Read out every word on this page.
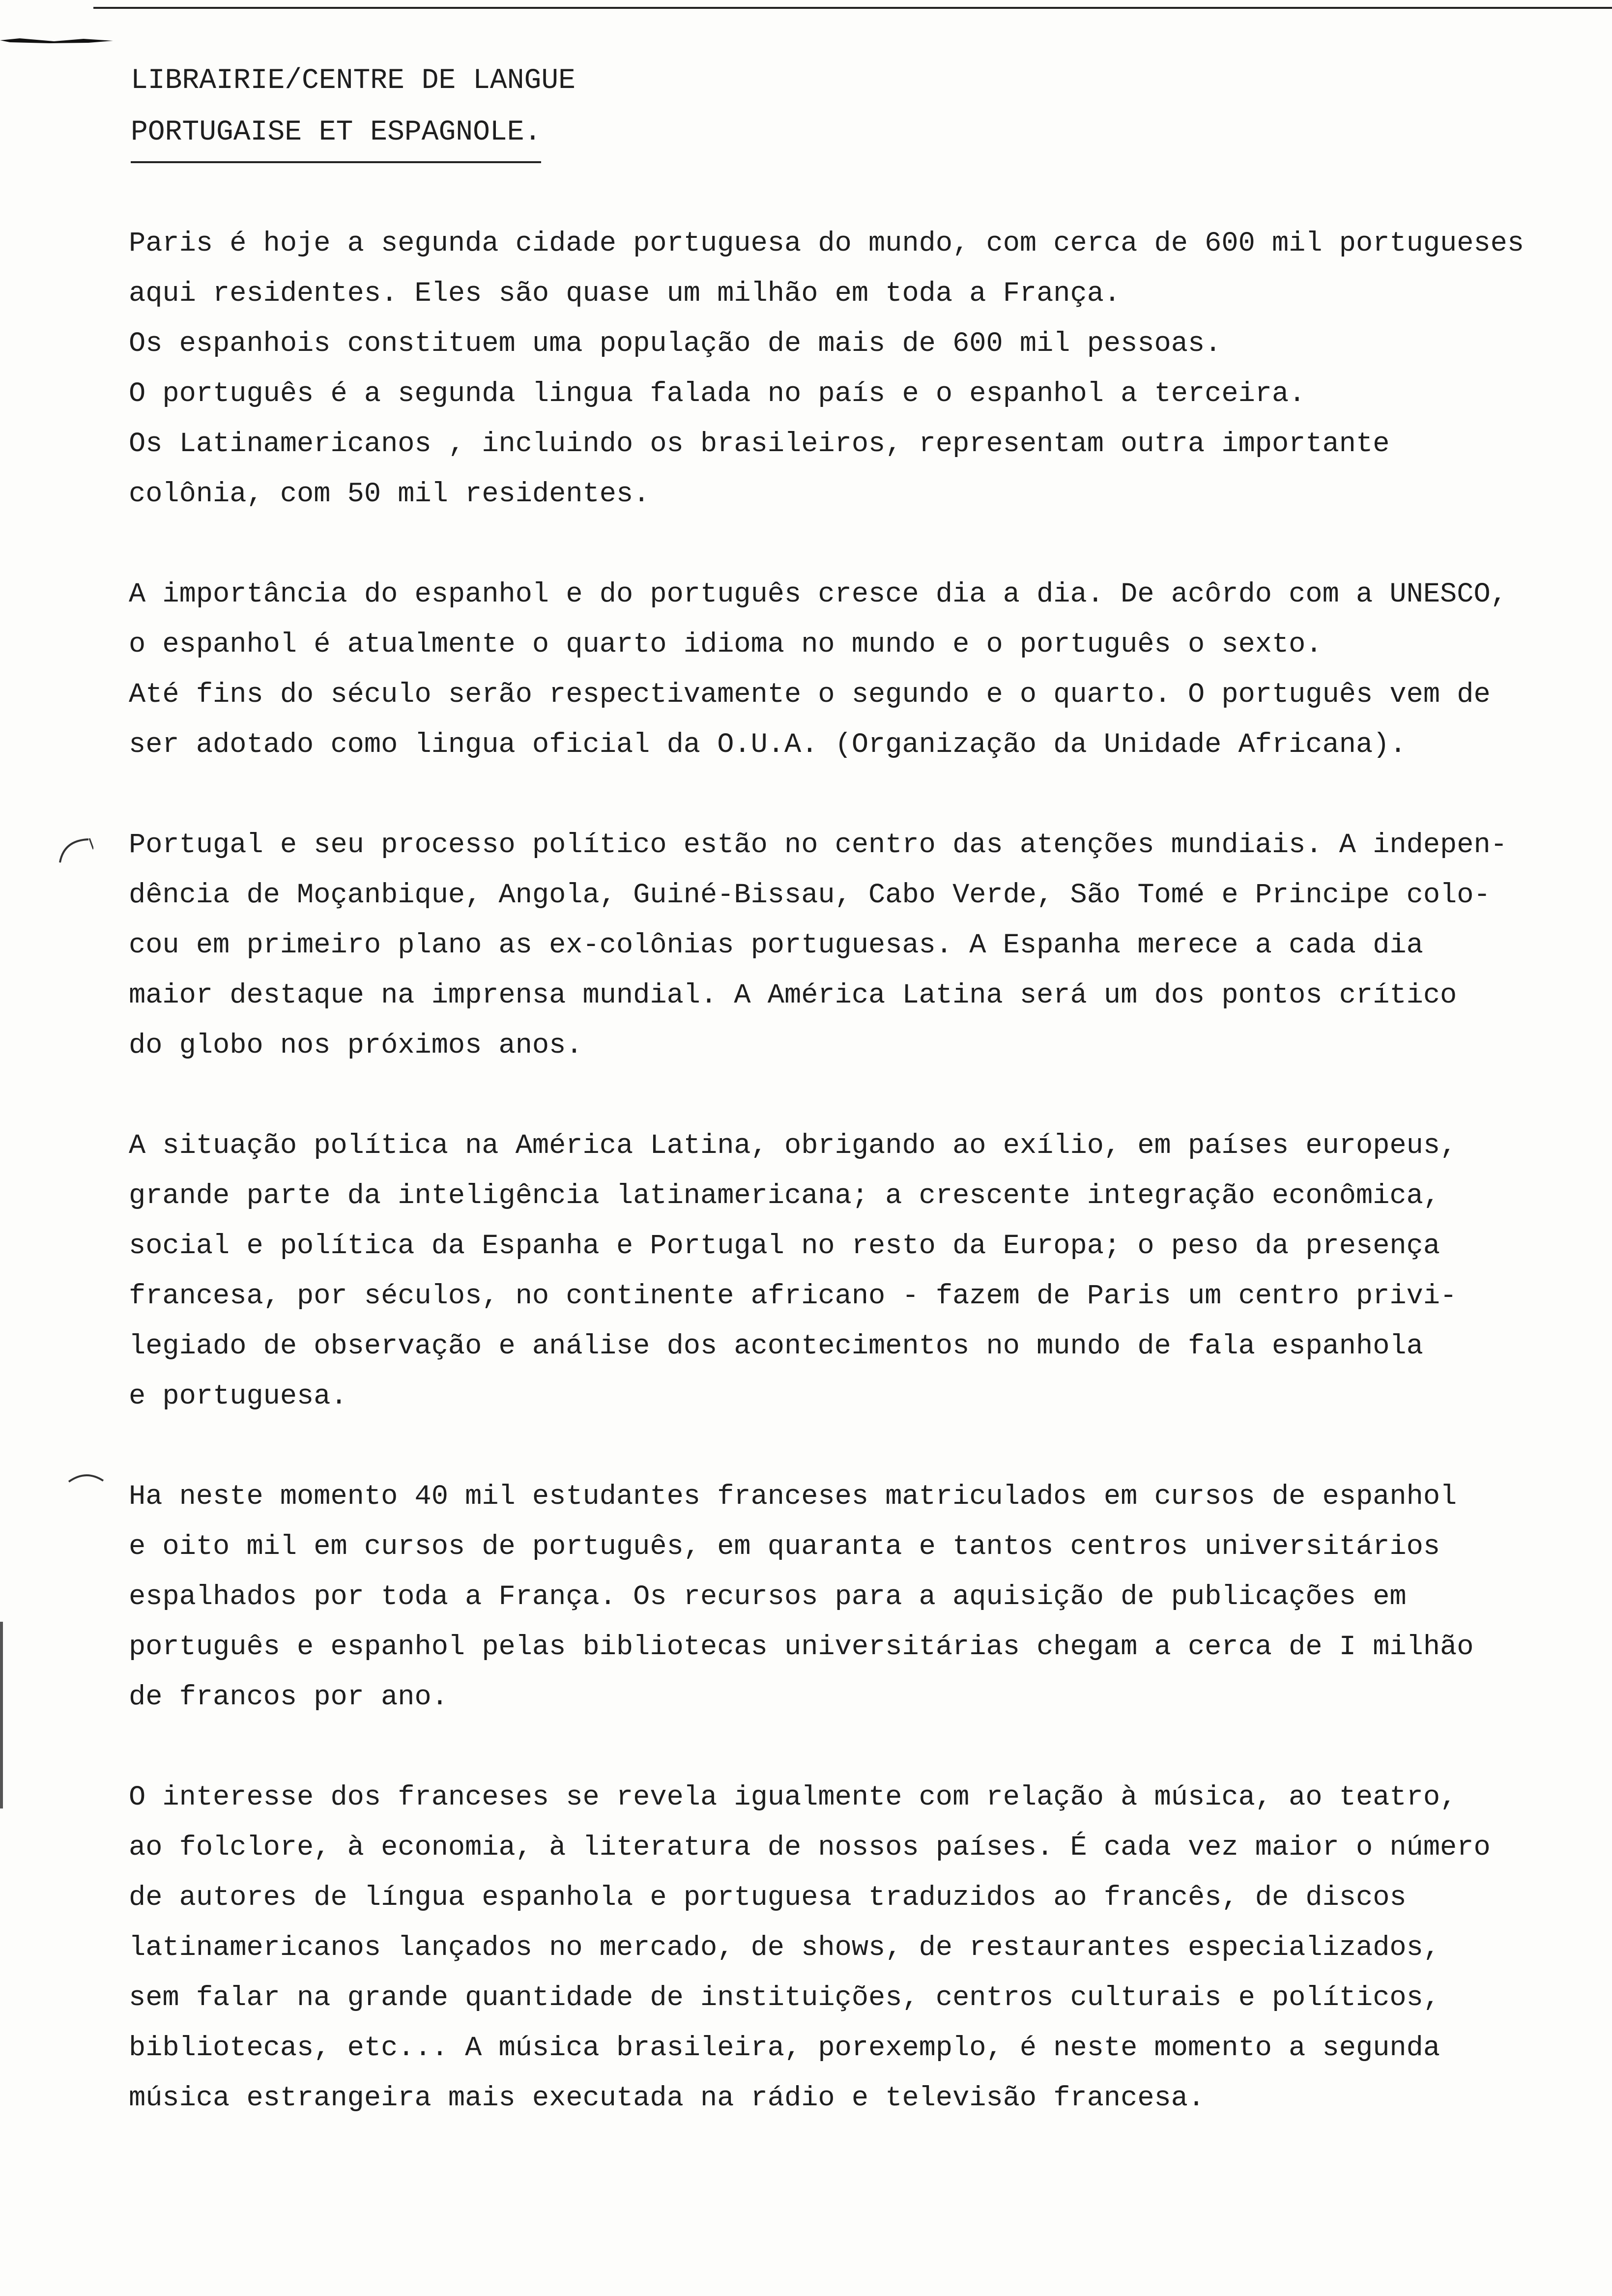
LIBRAIRIE/CENTRE DE LANGUE
PORTUGAISE ET ESPAGNOLE.
Paris é hoje a segunda cidade portuguesa do mundo, com cerca de 600 mil portugueses
aqui residentes. Eles são quase um milhão em toda a França.
Os espanhois constituem uma população de mais de 600 mil pessoas.
O português é a segunda lingua falada no país e o espanhol a terceira.
Os Latinamericanos , incluindo os brasileiros, representam outra importante
colônia, com 50 mil residentes.
A importância do espanhol e do português cresce dia a dia. De acôrdo com a UNESCO,
o espanhol é atualmente o quarto idioma no mundo e o português o sexto.
Até fins do século serão respectivamente o segundo e o quarto. O português vem de
ser adotado como lingua oficial da O.U.A. (Organização da Unidade Africana).
Portugal e seu processo político estão no centro das atenções mundiais. A indepen-
dência de Moçanbique, Angola, Guiné-Bissau, Cabo Verde, São Tomé e Principe colo-
cou em primeiro plano as ex-colônias portuguesas. A Espanha merece a cada dia
maior destaque na imprensa mundial. A América Latina será um dos pontos crítico
do globo nos próximos anos.
A situação política na América Latina, obrigando ao exílio, em países europeus,
grande parte da inteligência latinamericana; a crescente integração econômica,
social e política da Espanha e Portugal no resto da Europa; o peso da presença
francesa, por séculos, no continente africano - fazem de Paris um centro privi-
legiado de observação e análise dos acontecimentos no mundo de fala espanhola
e portuguesa.
Ha neste momento 40 mil estudantes franceses matriculados em cursos de espanhol
e oito mil em cursos de português, em quaranta e tantos centros universitários
espalhados por toda a França. Os recursos para a aquisição de publicações em
português e espanhol pelas bibliotecas universitárias chegam a cerca de I milhão
de francos por ano.
O interesse dos franceses se revela igualmente com relação à música, ao teatro,
ao folclore, à economia, à literatura de nossos países. É cada vez maior o número
de autores de língua espanhola e portuguesa traduzidos ao francês, de discos
latinamericanos lançados no mercado, de shows, de restaurantes especializados,
sem falar na grande quantidade de instituições, centros culturais e políticos,
bibliotecas, etc... A música brasileira, porexemplo, é neste momento a segunda
música estrangeira mais executada na rádio e televisão francesa.
